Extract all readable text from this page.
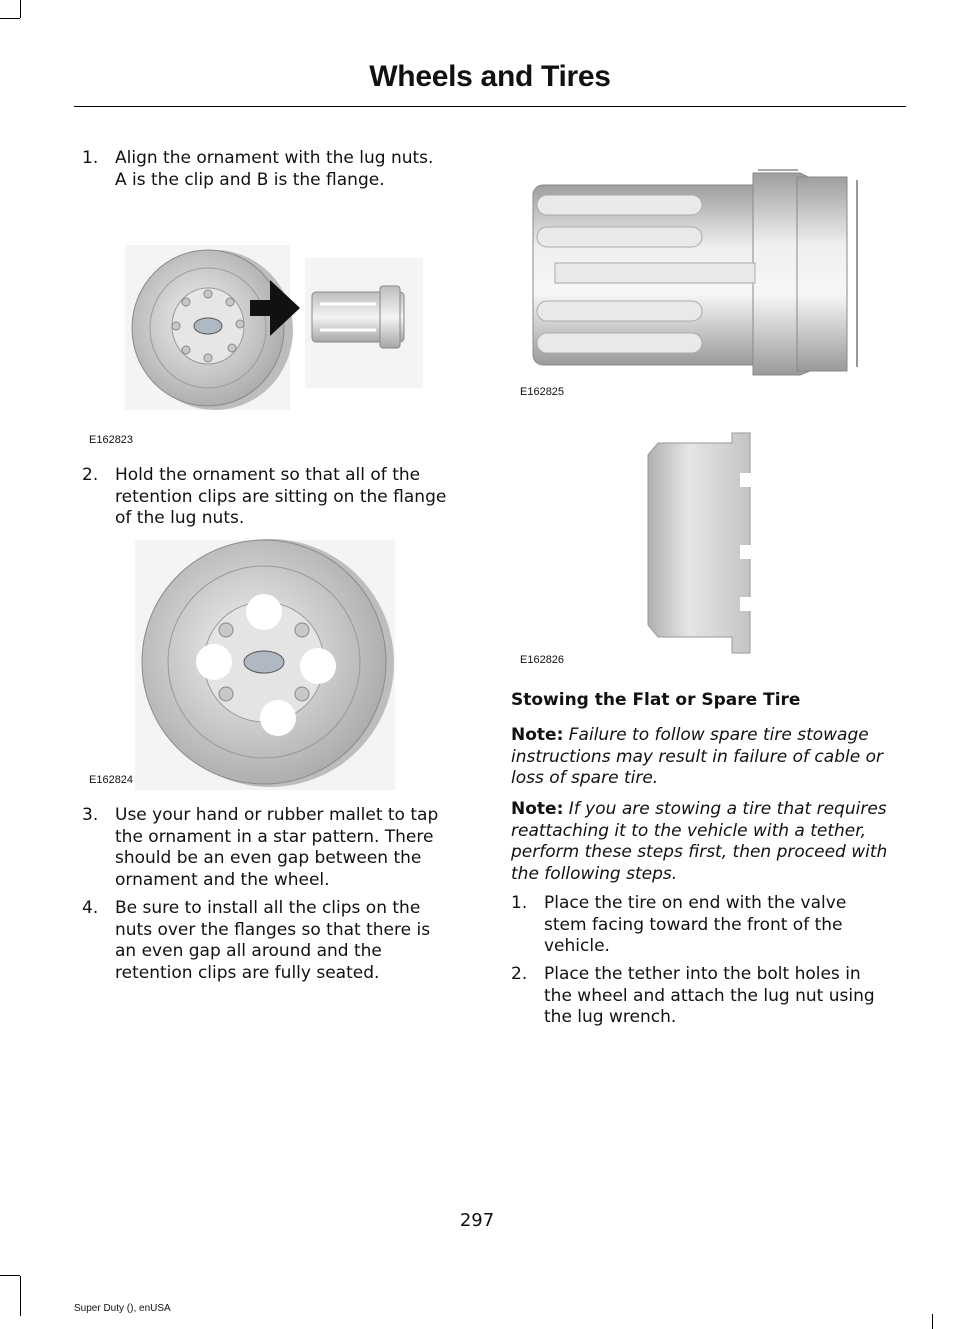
Wheels and Tires
1. Align the ornament with the lug nuts.
A is the clip and B is the flange.
E162823
2. Hold the ornament so that all of the
retention clips are sitting on the flange
of the lug nuts.
E162824
3. Use your hand or rubber mallet to tap
the ornament in a star pattern. There
should be an even gap between the
ornament and the wheel.
4. Be sure to install all the clips on the
nuts over the flanges so that there is
an even gap all around and the
retention clips are fully seated.
E162825
E162826
Stowing the Flat or Spare Tire
Note: Failure to follow spare tire stowage
instructions may result in failure of cable or
loss of spare tire.
Note: If you are stowing a tire that requires
reattaching it to the vehicle with a tether,
perform these steps first, then proceed with
the following steps.
1. Place the tire on end with the valve
stem facing toward the front of the
vehicle.
2. Place the tether into the bolt holes in
the wheel and attach the lug nut using
the lug wrench.
297
Super Duty (), enUSA
